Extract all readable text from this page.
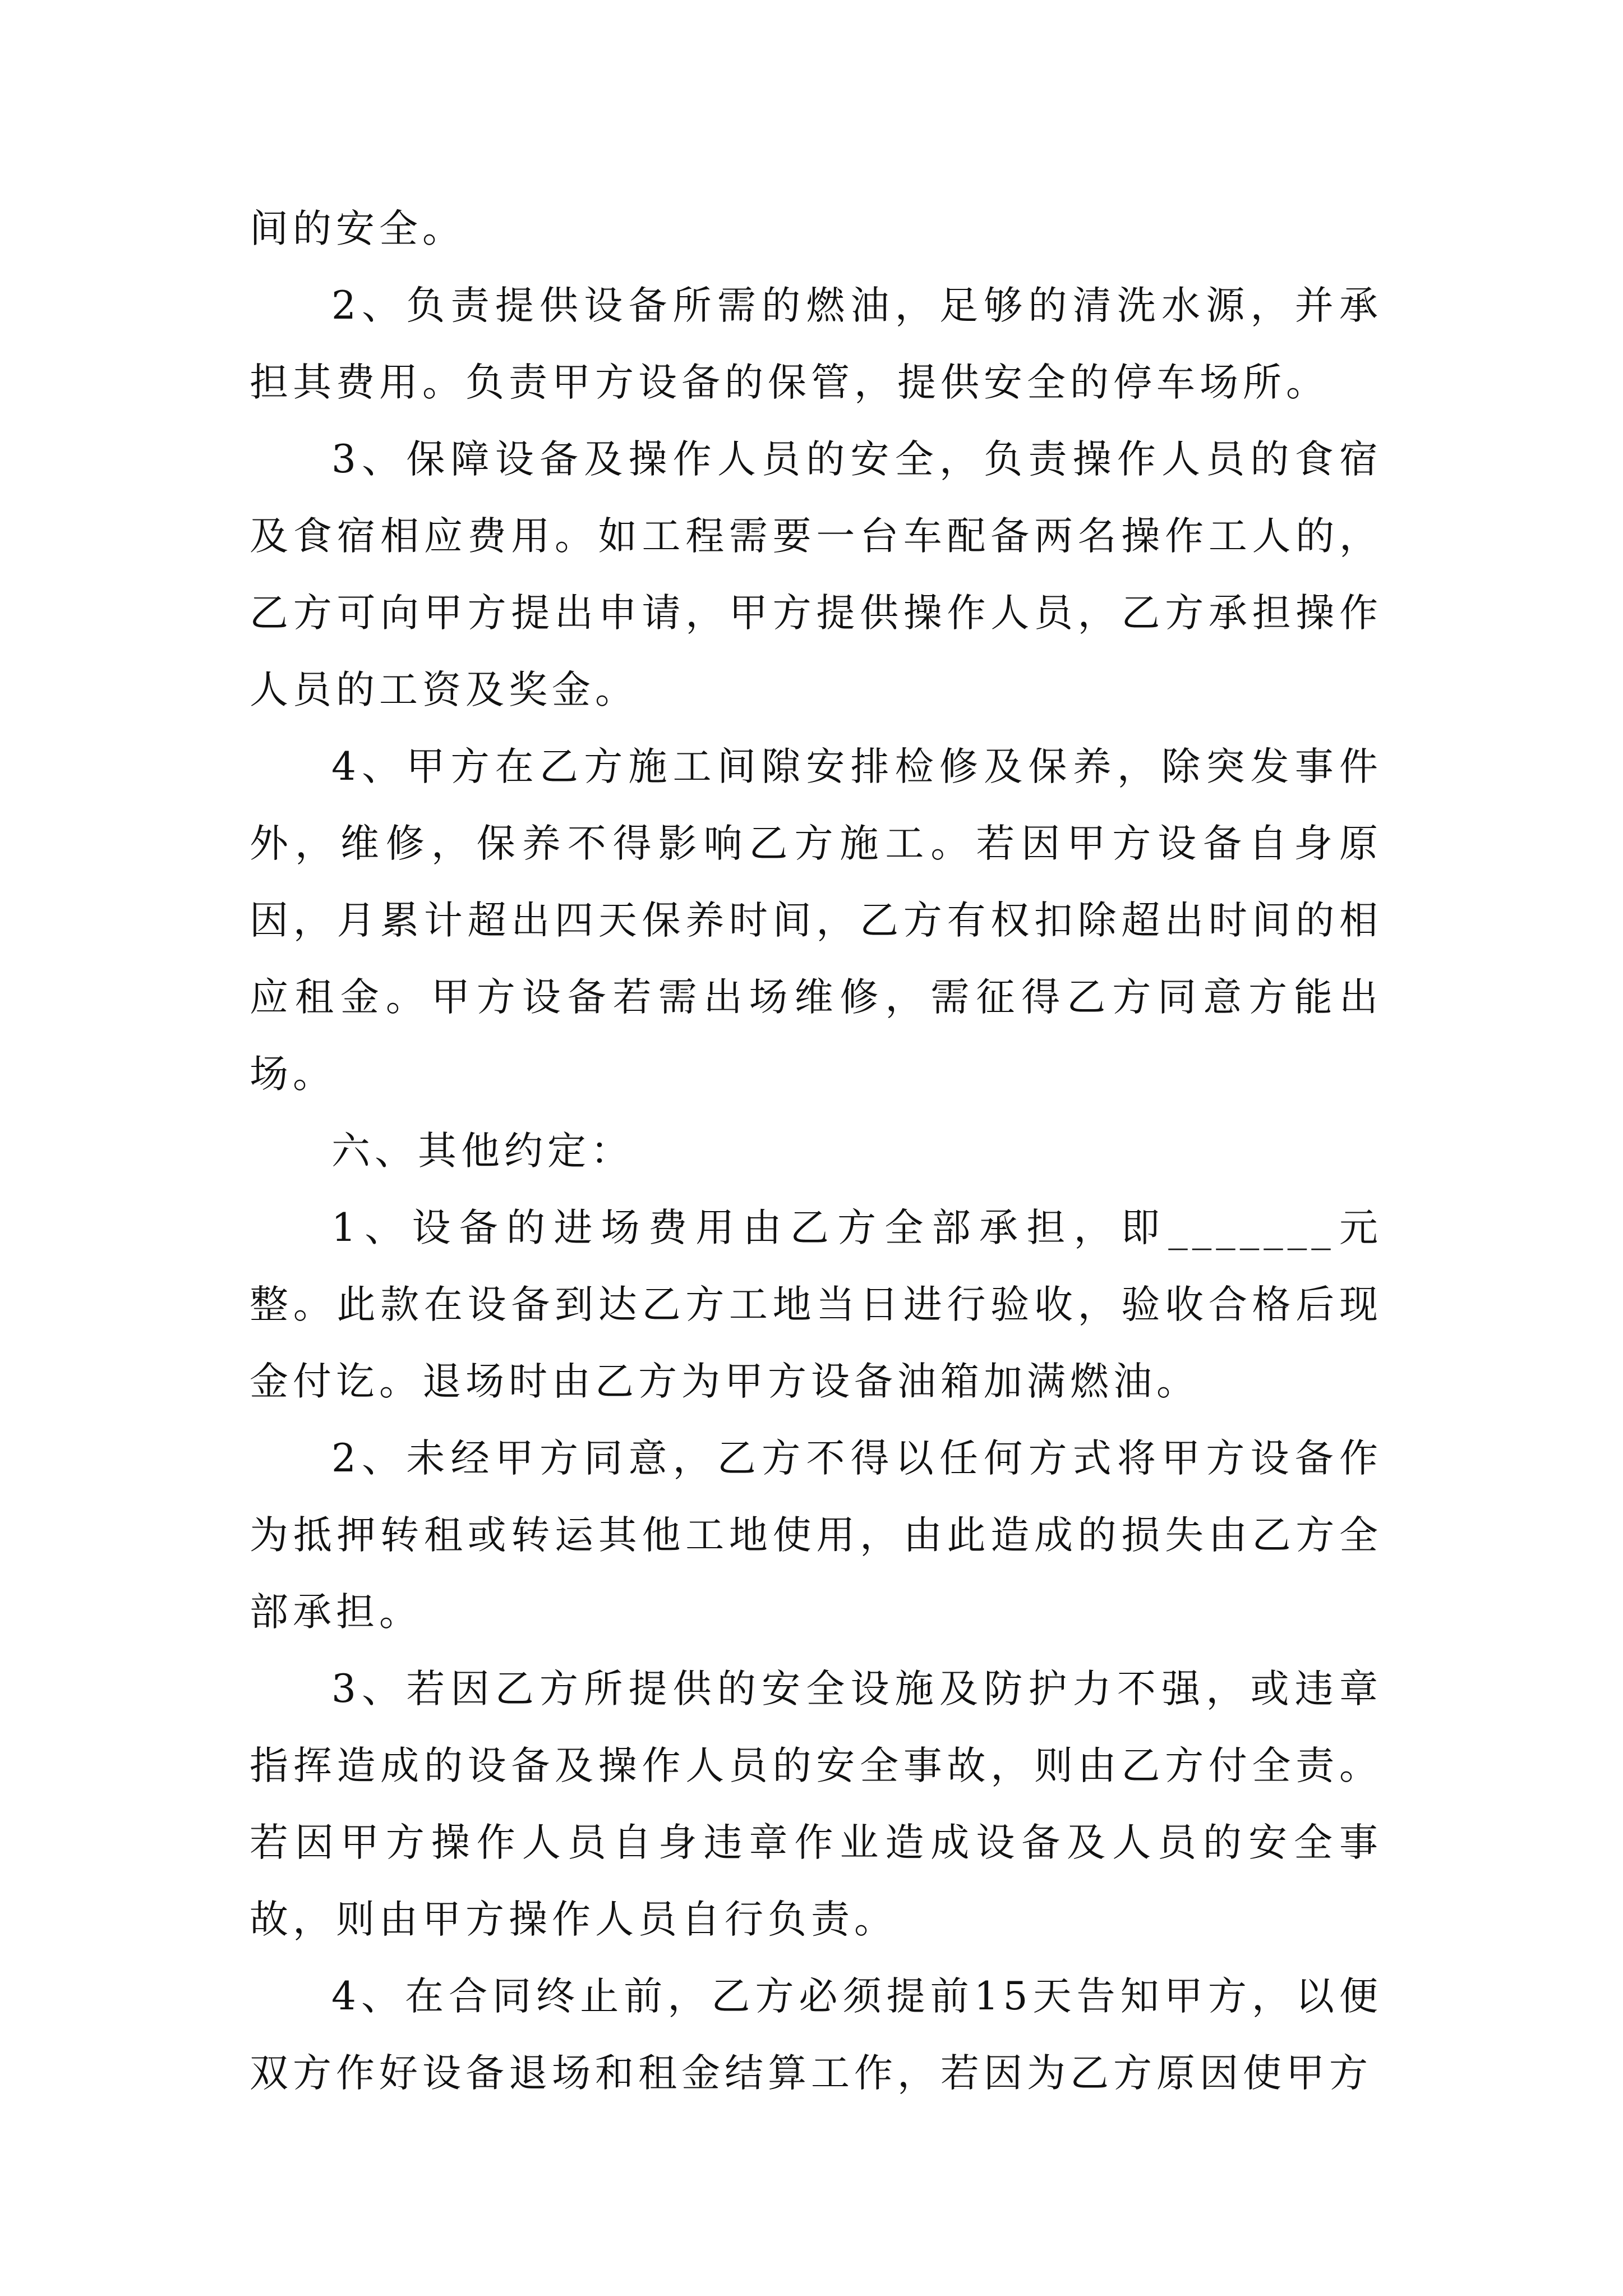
间的安全。

2、负责提供设备所需的燃油，足够的清洗水源，并承担其费用。负责甲方设备的保管，提供安全的停车场所。

3、保障设备及操作人员的安全，负责操作人员的食宿及食宿相应费用。如工程需要一台车配备两名操作工人的，乙方可向甲方提出申请，甲方提供操作人员，乙方承担操作人员的工资及奖金。

4、甲方在乙方施工间隙安排检修及保养，除突发事件外，维修，保养不得影响乙方施工。若因甲方设备自身原因，月累计超出四天保养时间，乙方有权扣除超出时间的相应租金。甲方设备若需出场维修，需征得乙方同意方能出场。

六、其他约定：

1、设备的进场费用由乙方全部承担，即_______元整。此款在设备到达乙方工地当日进行验收，验收合格后现金付讫。退场时由乙方为甲方设备油箱加满燃油。

2、未经甲方同意，乙方不得以任何方式将甲方设备作为抵押转租或转运其他工地使用，由此造成的损失由乙方全部承担。

3、若因乙方所提供的安全设施及防护力不强，或违章指挥造成的设备及操作人员的安全事故，则由乙方付全责。若因甲方操作人员自身违章作业造成设备及人员的安全事故，则由甲方操作人员自行负责。

4、在合同终止前，乙方必须提前15天告知甲方，以便双方作好设备退场和租金结算工作，若因为乙方原因使甲方
